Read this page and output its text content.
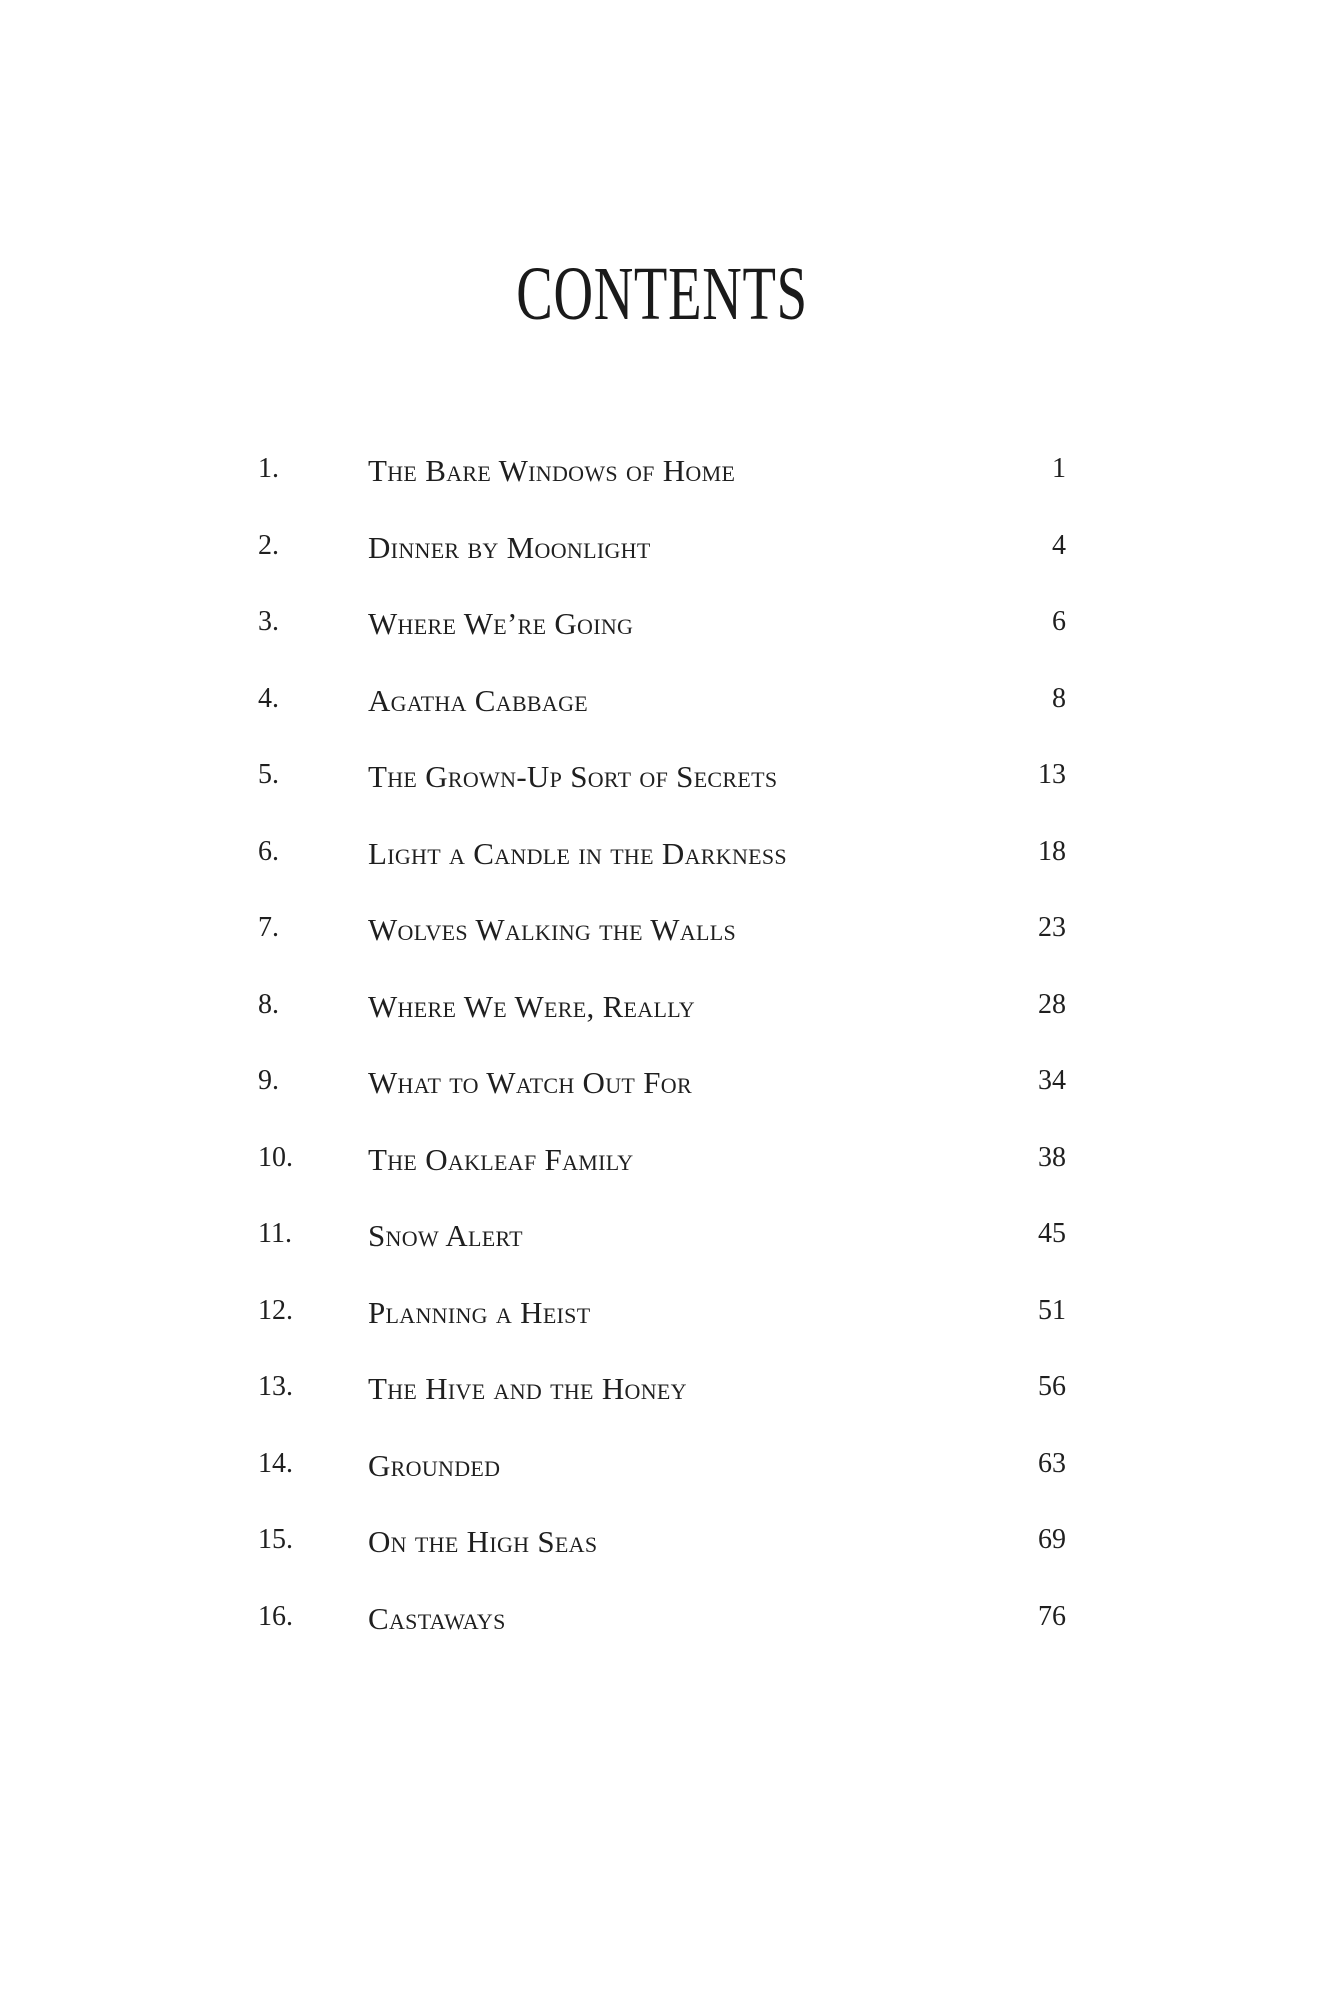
CONTENTS
1.	The Bare Windows of Home	1
2.	Dinner by Moonlight	4
3.	Where We’re Going	6
4.	Agatha Cabbage	8
5.	The Grown-Up Sort of Secrets	13
6.	Light a Candle in the Darkness	18
7.	Wolves Walking the Walls	23
8.	Where We Were, Really	28
9.	What to Watch Out For	34
10. The Oakleaf Family	38
11. Snow Alert	45
12. Planning a Heist	51
13. The Hive and the Honey	56
14. Grounded	63
15. On the High Seas	69
16. Castaways	76
